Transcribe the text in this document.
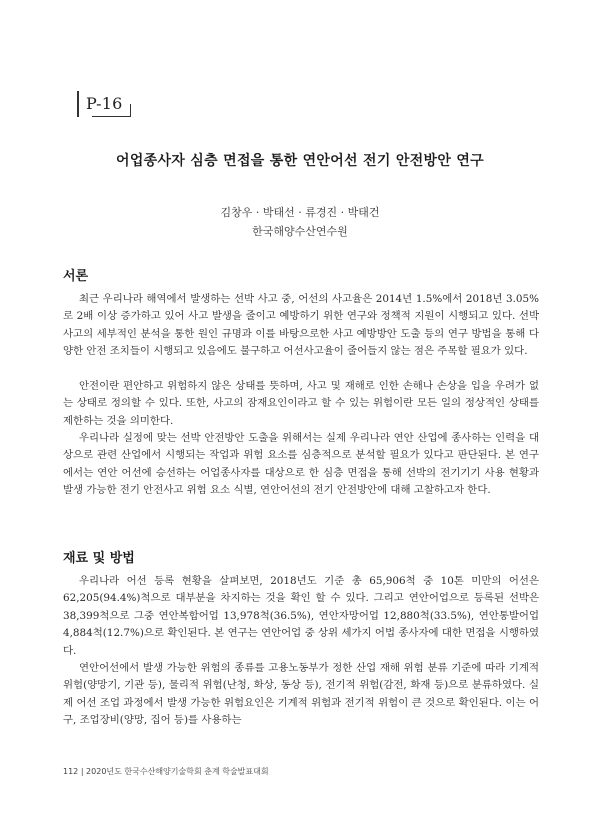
P-16
어업종사자 심층 면접을 통한 연안어선 전기 안전방안 연구
김창우 · 박태선 · 류경진 · 박태건
한국해양수산연수원
서론

최근 우리나라 해역에서 발생하는 선박 사고 중, 어선의 사고율은 2014년 1.5%에서 2018년 3.05%로 2배 이상 증가하고 있어 사고 발생을 줄이고 예방하기 위한 연구와 정책적 지원이 시행되고 있다. 선박 사고의 세부적인 분석을 통한 원인 규명과 이를 바탕으로한 사고 예방방안 도출 등의 연구 방법을 통해 다양한 안전 조치들이 시행되고 있음에도 불구하고 어선사고율이 줄어들지 않는 점은 주목할 필요가 있다.

안전이란 편안하고 위험하지 않은 상태를 뜻하며, 사고 및 재해로 인한 손해나 손상을 입을 우려가 없는 상태로 정의할 수 있다. 또한, 사고의 잠재요인이라고 할 수 있는 위험이란 모든 일의 정상적인 상태를 제한하는 것을 의미한다.

우리나라 실정에 맞는 선박 안전방안 도출을 위해서는 실제 우리나라 연안 산업에 종사하는 인력을 대상으로 관련 산업에서 시행되는 작업과 위험 요소를 심층적으로 분석할 필요가 있다고 판단된다. 본 연구에서는 연안 어선에 승선하는 어업종사자를 대상으로 한 심층 면접을 통해 선박의 전기기기 사용 현황과 발생 가능한 전기 안전사고 위험 요소 식별, 연안어선의 전기 안전방안에 대해 고찰하고자 한다.

재료 및 방법

우리나라 어선 등록 현황을 살펴보면, 2018년도 기준 총 65,906척 중 10톤 미만의 어선은 62,205(94.4%)척으로 대부분을 차지하는 것을 확인 할 수 있다. 그리고 연안어업으로 등록된 선박은 38,399척으로 그중 연안복합어업 13,978척(36.5%), 연안자망어업 12,880척(33.5%), 연안통발어업 4,884척(12.7%)으로 확인된다. 본 연구는 연안어업 중 상위 세가지 어법 종사자에 대한 면접을 시행하였다.

연안어선에서 발생 가능한 위험의 종류를 고용노동부가 정한 산업 재해 위험 분류 기준에 따라 기계적 위험(양망기, 기관 등), 물리적 위험(난청, 화상, 동상 등), 전기적 위험(감전, 화재 등)으로 분류하였다. 실제 어선 조업 과정에서 발생 가능한 위험요인은 기계적 위험과 전기적 위험이 큰 것으로 확인된다. 이는 어구, 조업장비(양망, 집어 등)를 사용하는

112 | 2020년도 한국수산해양기술학회 춘계 학술발표대회
